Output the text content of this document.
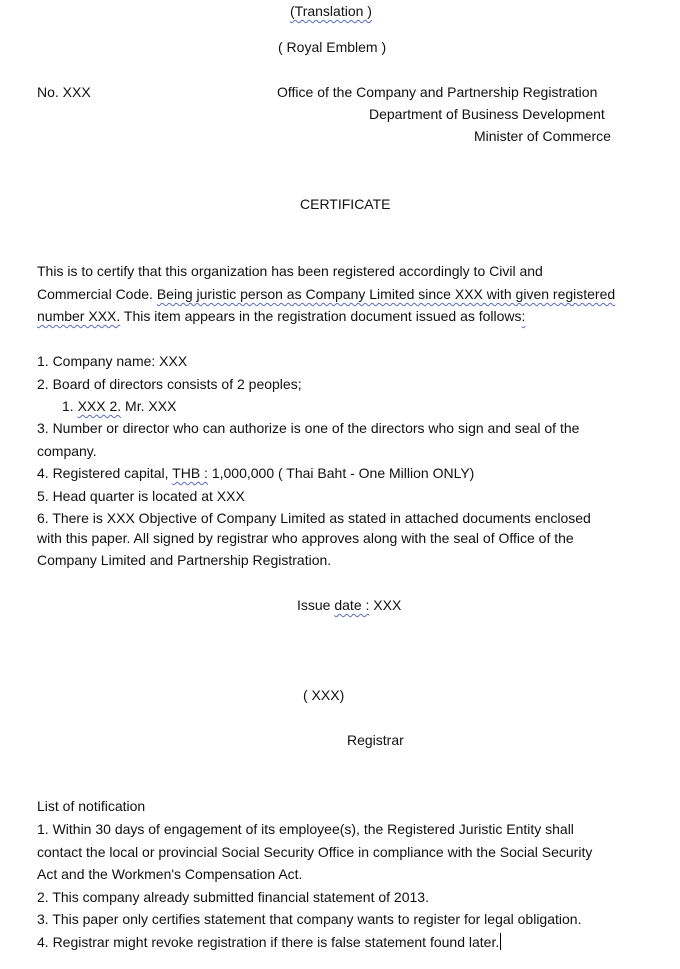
(Translation )
( Royal Emblem )
No. XXX	Office of the Company and Partnership Registration
Department of Business Development
Minister of Commerce
CERTIFICATE
This is to certify that this organization has been registered accordingly to Civil and
Commercial Code. Being juristic person as Company Limited since XXX with given registered
number XXX. This item appears in the registration document issued as follows:
1. Company name: XXX
2. Board of directors consists of 2 peoples;
1. XXX 2. Mr. XXX
3. Number or director who can authorize is one of the directors who sign and seal of the
company.
4. Registered capital, THB : 1,000,000 ( Thai Baht - One Million ONLY)
5. Head quarter is located at XXX
6. There is XXX Objective of Company Limited as stated in attached documents enclosed
with this paper. All signed by registrar who approves along with the seal of Office of the
Company Limited and Partnership Registration.
Issue date : XXX
( XXX)
Registrar
List of notification
1. Within 30 days of engagement of its employee(s), the Registered Juristic Entity shall
contact the local or provincial Social Security Office in compliance with the Social Security
Act and the Workmen's Compensation Act.
2. This company already submitted financial statement of 2013.
3. This paper only certifies statement that company wants to register for legal obligation.
4. Registrar might revoke registration if there is false statement found later.
